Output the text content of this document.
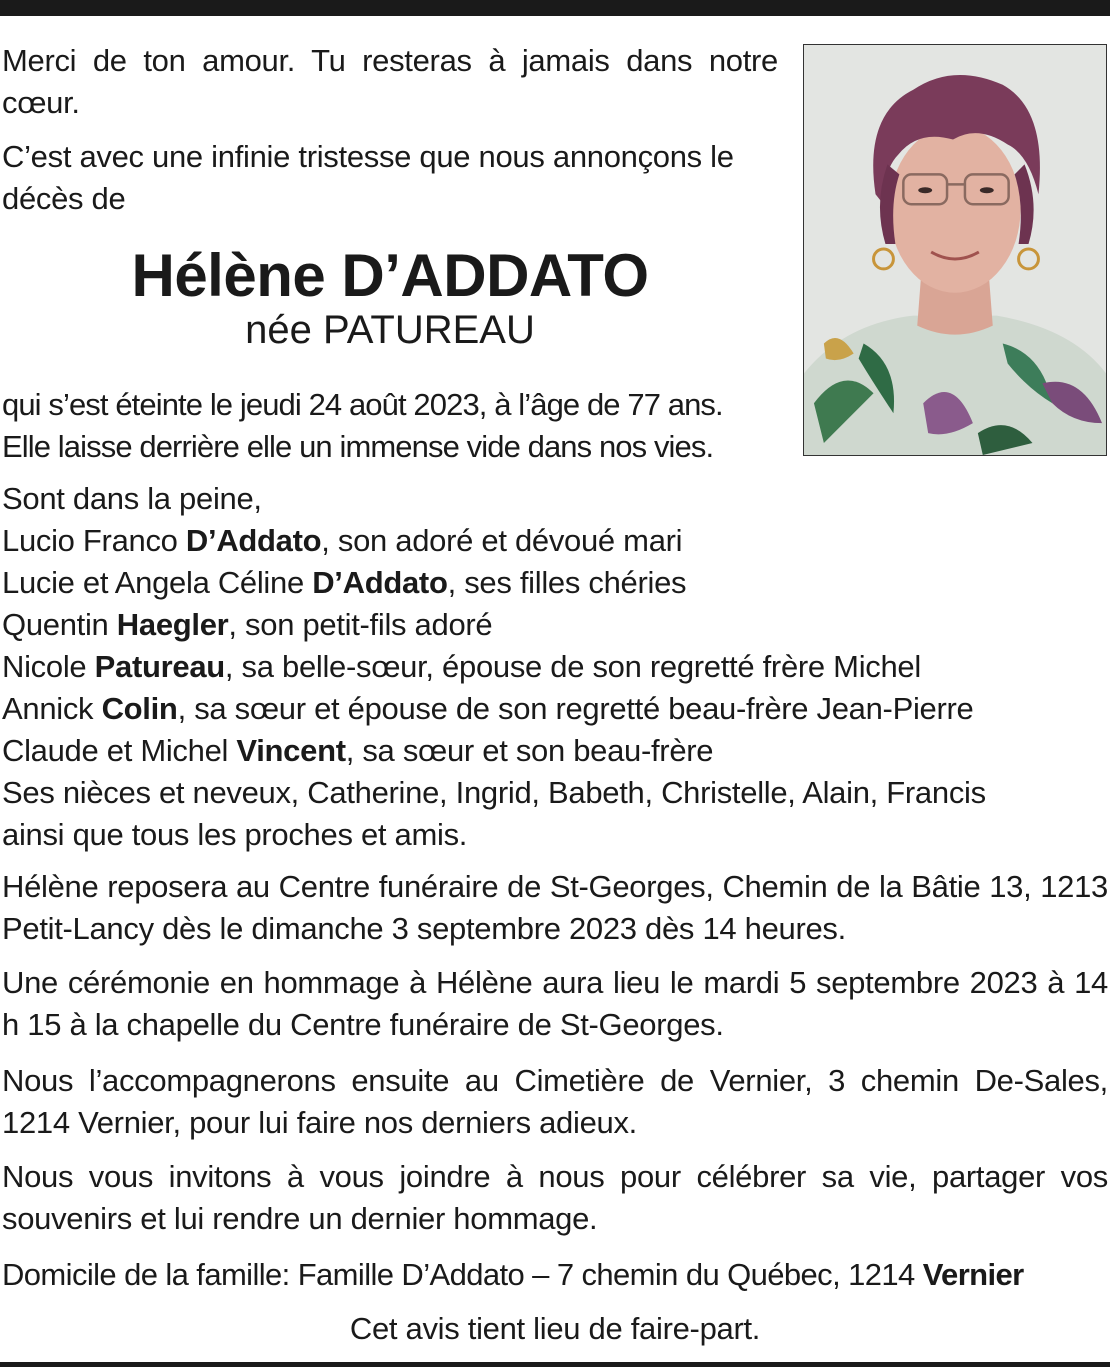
Merci de ton amour. Tu resteras à jamais dans notre cœur.

C’est avec une infinie tristesse que nous annonçons le décès de

Hélène D’ADDATO
née PATUREAU

qui s’est éteinte le jeudi 24 août 2023, à l’âge de 77 ans.

Elle laisse derrière elle un immense vide dans nos vies.

Sont dans la peine,

Lucio Franco D’Addato, son adoré et dévoué mari

Lucie et Angela Céline D’Addato, ses filles chéries

Quentin Haegler, son petit-fils adoré

Nicole Patureau, sa belle-sœur, épouse de son regretté frère Michel

Annick Colin, sa sœur et épouse de son regretté beau-frère Jean-Pierre

Claude et Michel Vincent, sa sœur et son beau-frère

Ses nièces et neveux, Catherine, Ingrid, Babeth, Christelle, Alain, Francis

ainsi que tous les proches et amis.

Hélène reposera au Centre funéraire de St-Georges, Chemin de la Bâtie 13, 1213 Petit-Lancy dès le dimanche 3 septembre 2023 dès 14 heures.

Une cérémonie en hommage à Hélène aura lieu le mardi 5 septembre 2023 à 14 h 15 à la chapelle du Centre funéraire de St-Georges.

Nous l’accompagnerons ensuite au Cimetière de Vernier, 3 chemin De-Sales, 1214 Vernier, pour lui faire nos derniers adieux.

Nous vous invitons à vous joindre à nous pour célébrer sa vie, partager vos souvenirs et lui rendre un dernier hommage.

Domicile de la famille: Famille D’Addato – 7 chemin du Québec, 1214 Vernier

Cet avis tient lieu de faire-part.
